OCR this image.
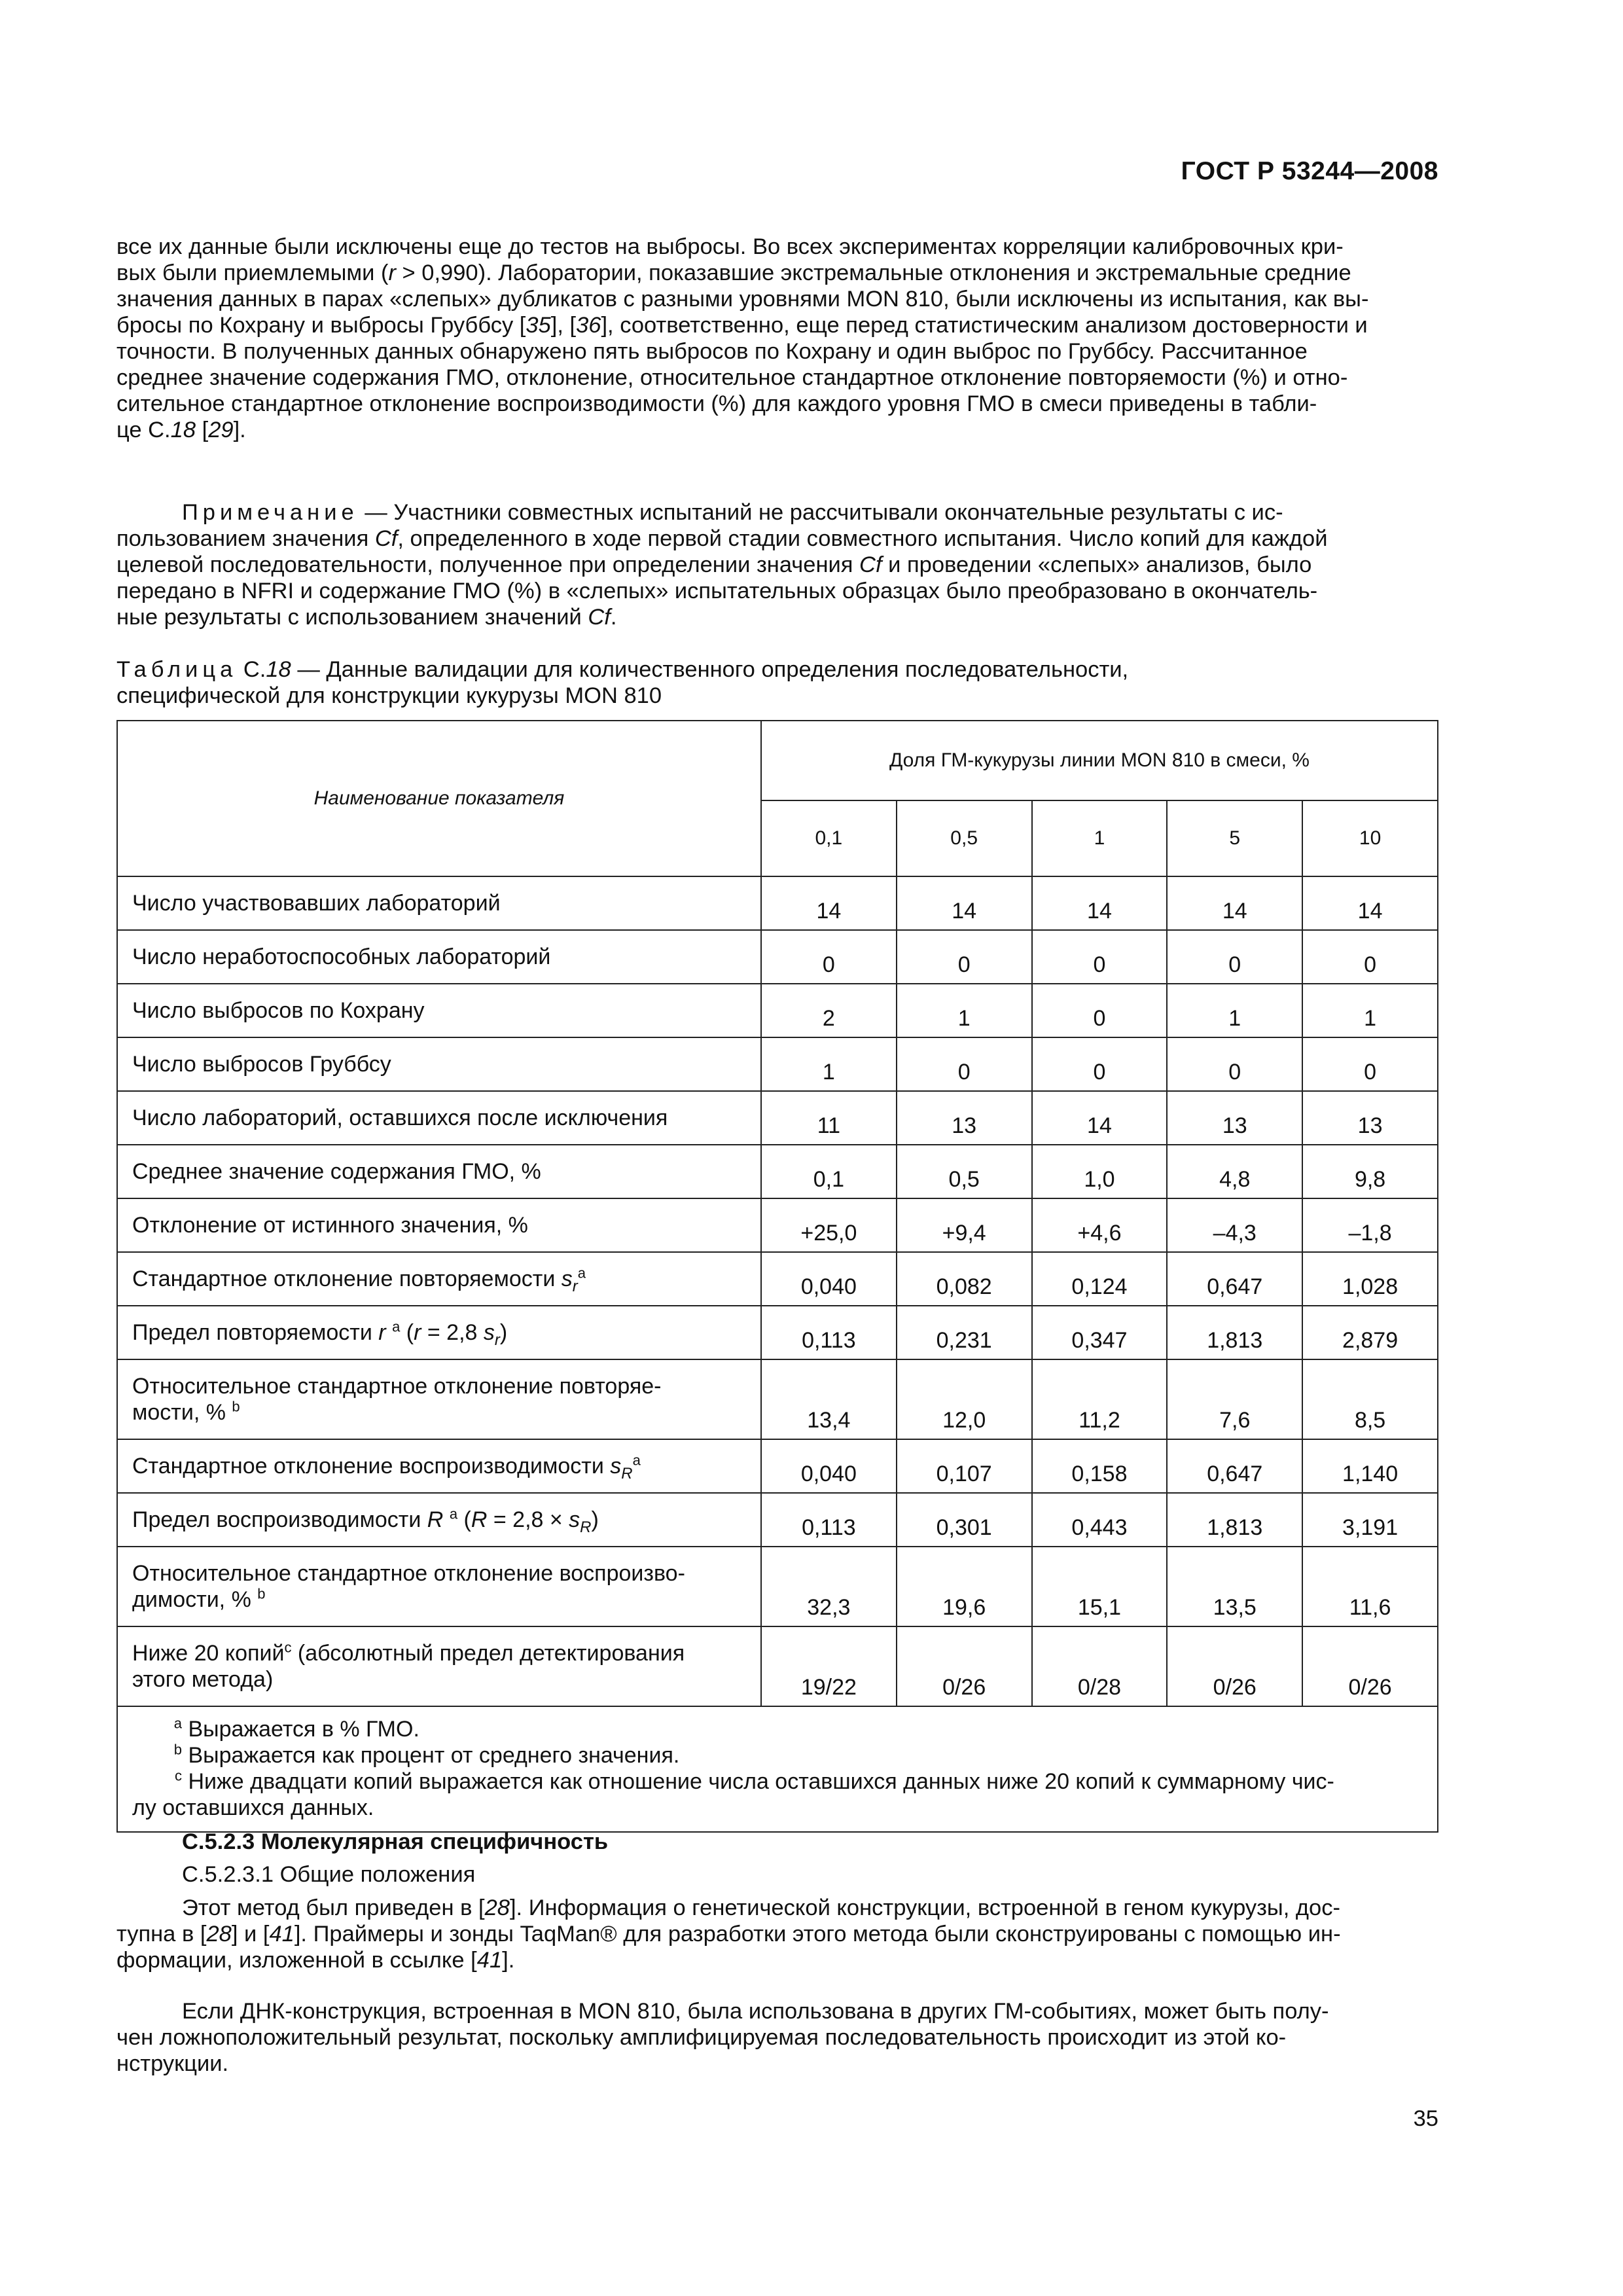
ГОСТ Р 53244—2008
все их данные были исключены еще до тестов на выбросы. Во всех экспериментах корреляции калибровочных кри-
вых были приемлемыми (r > 0,990). Лаборатории, показавшие экстремальные отклонения и экстремальные средние
значения данных в парах «слепых» дубликатов с разными уровнями MON 810, были исключены из испытания, как вы-
бросы по Кохрану и выбросы Груббсу [35], [36], соответственно, еще перед статистическим анализом достоверности и
точности. В полученных данных обнаружено пять выбросов по Кохрану и один выброс по Груббсу. Рассчитанное
среднее значение содержания ГМО, отклонение, относительное стандартное отклонение повторяемости (%) и отно-
сительное стандартное отклонение воспроизводимости (%) для каждого уровня ГМО в смеси приведены в табли-
це С.18 [29].
Примечание — Участники совместных испытаний не рассчитывали окончательные результаты с ис-
пользованием значения Cf, определенного в ходе первой стадии совместного испытания. Число копий для каждой
целевой последовательности, полученное при определении значения Cf и проведении «слепых» анализов, было
передано в NFRI и содержание ГМО (%) в «слепых» испытательных образцах было преобразовано в окончатель-
ные результаты с использованием значений Cf.
Таблица С.18 — Данные валидации для количественного определения последовательности,
специфической для конструкции кукурузы MON 810
Наименование показателя	Доля ГМ-кукурузы линии MON 810 в смеси, %				
	0,1	0,5	1	5	10
Число участвовавших лабораторий	14	14	14	14	14
Число неработоспособных лабораторий	0	0	0	0	0
Число выбросов по Кохрану	2	1	0	1	1
Число выбросов Груббсу	1	0	0	0	0
Число лабораторий, оставшихся после исключения	11	13	14	13	13
Среднее значение содержания ГМО, %	0,1	0,5	1,0	4,8	9,8
Отклонение от истинного значения, %	+25,0	+9,4	+4,6	–4,3	–1,8
Стандартное отклонение повторяемости $s_r^a$	0,040	0,082	0,124	0,647	1,028
Предел повторяемости r $^a$ (r = 2,8 $s_r$)	0,113	0,231	0,347	1,813	2,879

Относительное стандартное отклонение повторяе-
мости, % $^b$	13,4	12,0	11,2	7,6	8,5
Стандартное отклонение воспроизводимости $s_R^a$	0,040	0,107	0,158	0,647	1,140
Предел воспроизводимости R $^a$ $(R = 2,8 \times s_R)$	0,113	0,301	0,443	1,813	3,191

Относительное стандартное отклонение воспроизво-
димости, % $^b$	32,3	19,6	15,1	13,5	11,6

Ниже 20 копий$^с$ (абсолютный предел детектирования
этого метода)	19/22	0/26	0/28	0/26	0/26

$^a$ Выражается в % ГМО.
$^b$ Выражается как процент от среднего значения.
$^c$ Ниже двадцати копий выражается как отношение числа оставшихся данных ниже 20 копий к суммарному чис-
лу оставшихся данных.					
С.5.2.3 Молекулярная специфичность
С.5.2.3.1 Общие положения
Этот метод был приведен в [28]. Информация о генетической конструкции, встроенной в геном кукурузы, дос-
тупна в [28] и [41]. Праймеры и зонды TaqMan® для разработки этого метода были сконструированы с помощью ин-
формации, изложенной в ссылке [41].
Если ДНК-конструкция, встроенная в MON 810, была использована в других ГМ-событиях, может быть полу-
чен ложноположительный результат, поскольку амплифицируемая последовательность происходит из этой ко-
нструкции.
35
